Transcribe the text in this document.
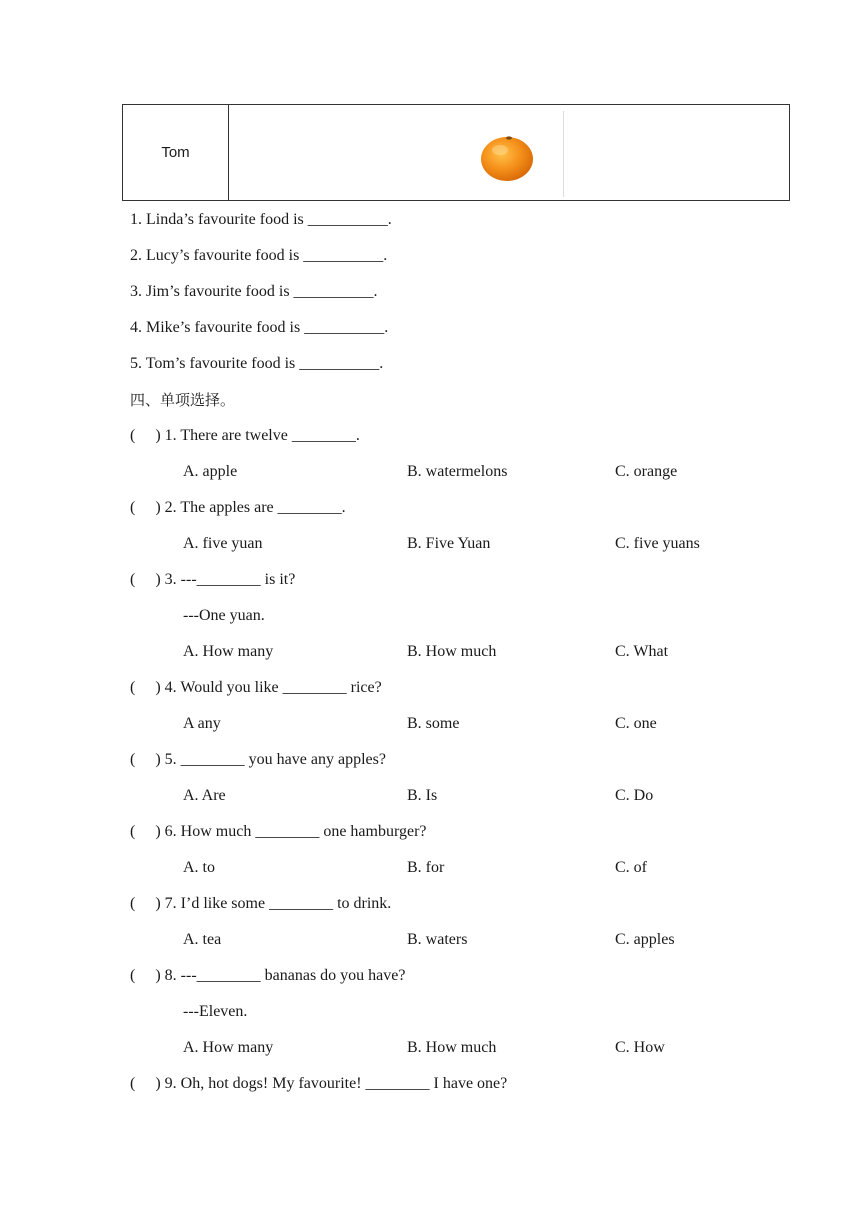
Tom
1. Linda’s favourite food is __________.
2. Lucy’s favourite food is __________.
3. Jim’s favourite food is __________.
4. Mike’s favourite food is __________.
5. Tom’s favourite food is __________.
四、单项选择。
(     ) 1. There are twelve ________.
A. apple	B. watermelons	C. orange
(     ) 2. The apples are ________.
A. five yuan	B. Five Yuan	C. five yuans
(     ) 3. ---________ is it?
---One yuan.
A. How many	B. How much	C. What
(     ) 4. Would you like ________ rice?
A any	B. some	C. one
(     ) 5. ________ you have any apples?
A. Are	B. Is	C. Do
(     ) 6. How much ________ one hamburger?
A. to	B. for	C. of
(     ) 7. I’d like some ________ to drink.
A. tea	B. waters	C. apples
(     ) 8. ---________ bananas do you have?
---Eleven.
A. How many	B. How much	C. How
(     ) 9. Oh, hot dogs! My favourite! ________ I have one?
